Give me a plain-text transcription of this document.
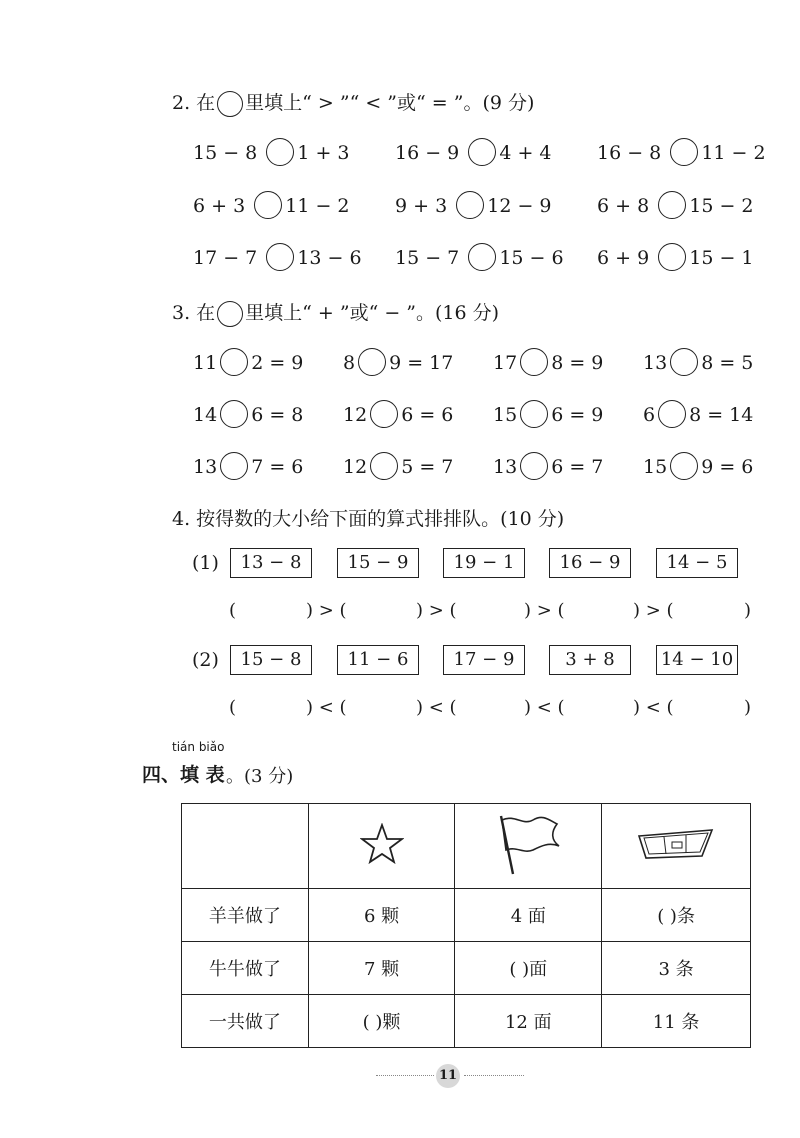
2. 在 里填上“ > ”“ < ”或“ = ”。(9 分)
15 − 8 1 + 3 16 − 9 4 + 4 16 − 8 11 − 2
6 + 3 11 − 2 9 + 3 12 − 9 6 + 8 15 − 2
17 − 7 13 − 6 15 − 7 15 − 6 6 + 9 15 − 1
3. 在 里填上“ + ”或“ − ”。(16 分)
11 2 = 9 8 9 = 17 17 8 = 9 13 8 = 5
14 6 = 8 12 6 = 6 15 6 = 9 6 8 = 14
13 7 = 6 12 5 = 7 13 6 = 7 15 9 = 6
4. 按得数的大小给下面的算式排排队。(10 分)
(1)	13 − 8	15 − 9	19 − 1	16 − 9	14 − 5
(	) > (	) > (	) > (	) > (	)
(2)	15 − 8	11 − 6	17 − 9	3 + 8	14 − 10
(	) < (	) < (	) < (	) < (	)
tián biǎo
四、填 表 。(3 分)

羊羊做了	6 颗	4 面	( )条
牛牛做了	7 颗	( )面	3 条
一共做了	( )颗	12 面	11 条
11
